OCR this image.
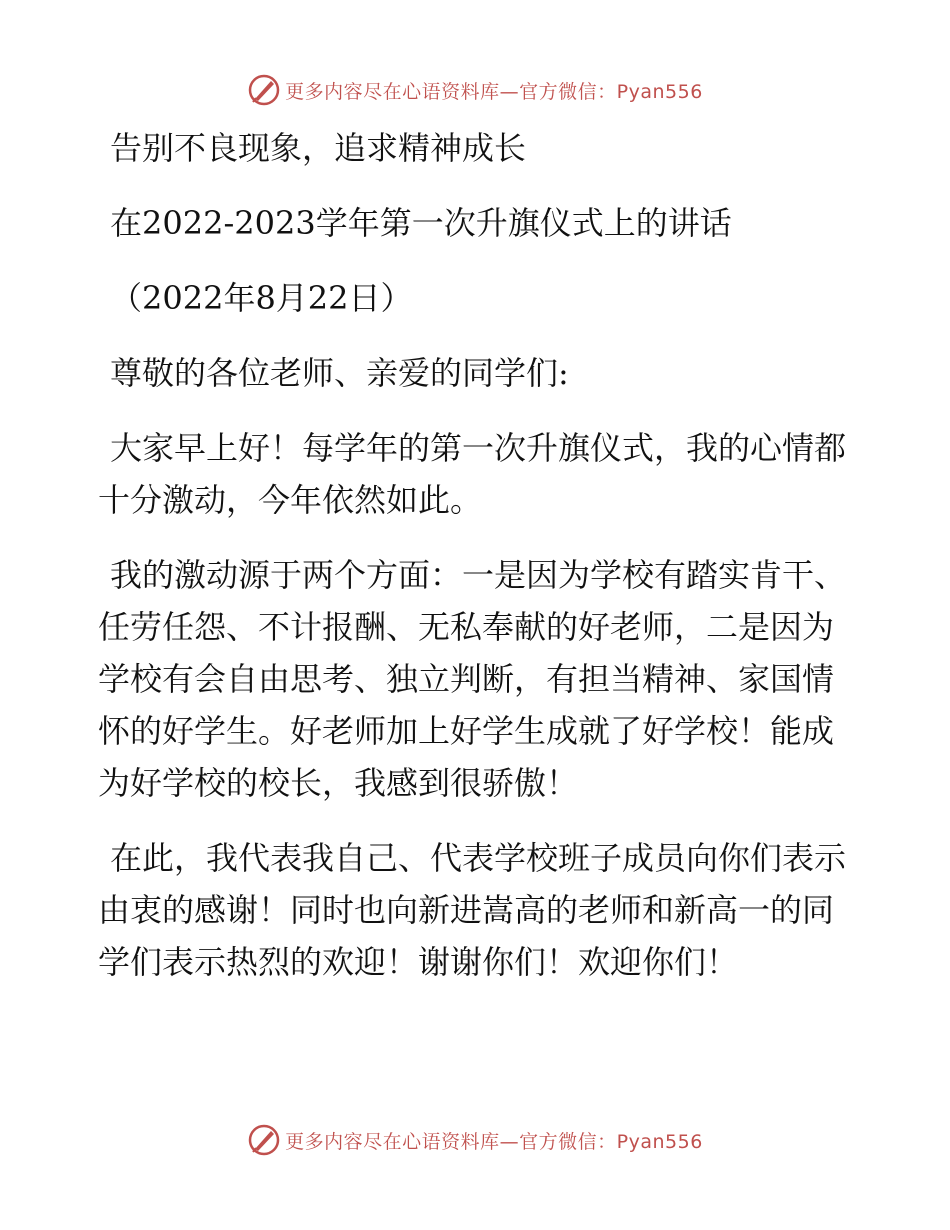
更多内容尽在心语资料库—官方微信：Pyan556

告别不良现象，追求精神成长

在2022-2023学年第一次升旗仪式上的讲话

（2022年8月22日）

尊敬的各位老师、亲爱的同学们:

大家早上好！每学年的第一次升旗仪式，我的心情都十分激动，今年依然如此。

我的激动源于两个方面：一是因为学校有踏实肯干、任劳任怨、不计报酬、无私奉献的好老师，二是因为学校有会自由思考、独立判断，有担当精神、家国情怀的好学生。好老师加上好学生成就了好学校！能成为好学校的校长，我感到很骄傲！

在此，我代表我自己、代表学校班子成员向你们表示由衷的感谢！同时也向新进嵩高的老师和新高一的同学们表示热烈的欢迎！谢谢你们！欢迎你们！

更多内容尽在心语资料库—官方微信：Pyan556
